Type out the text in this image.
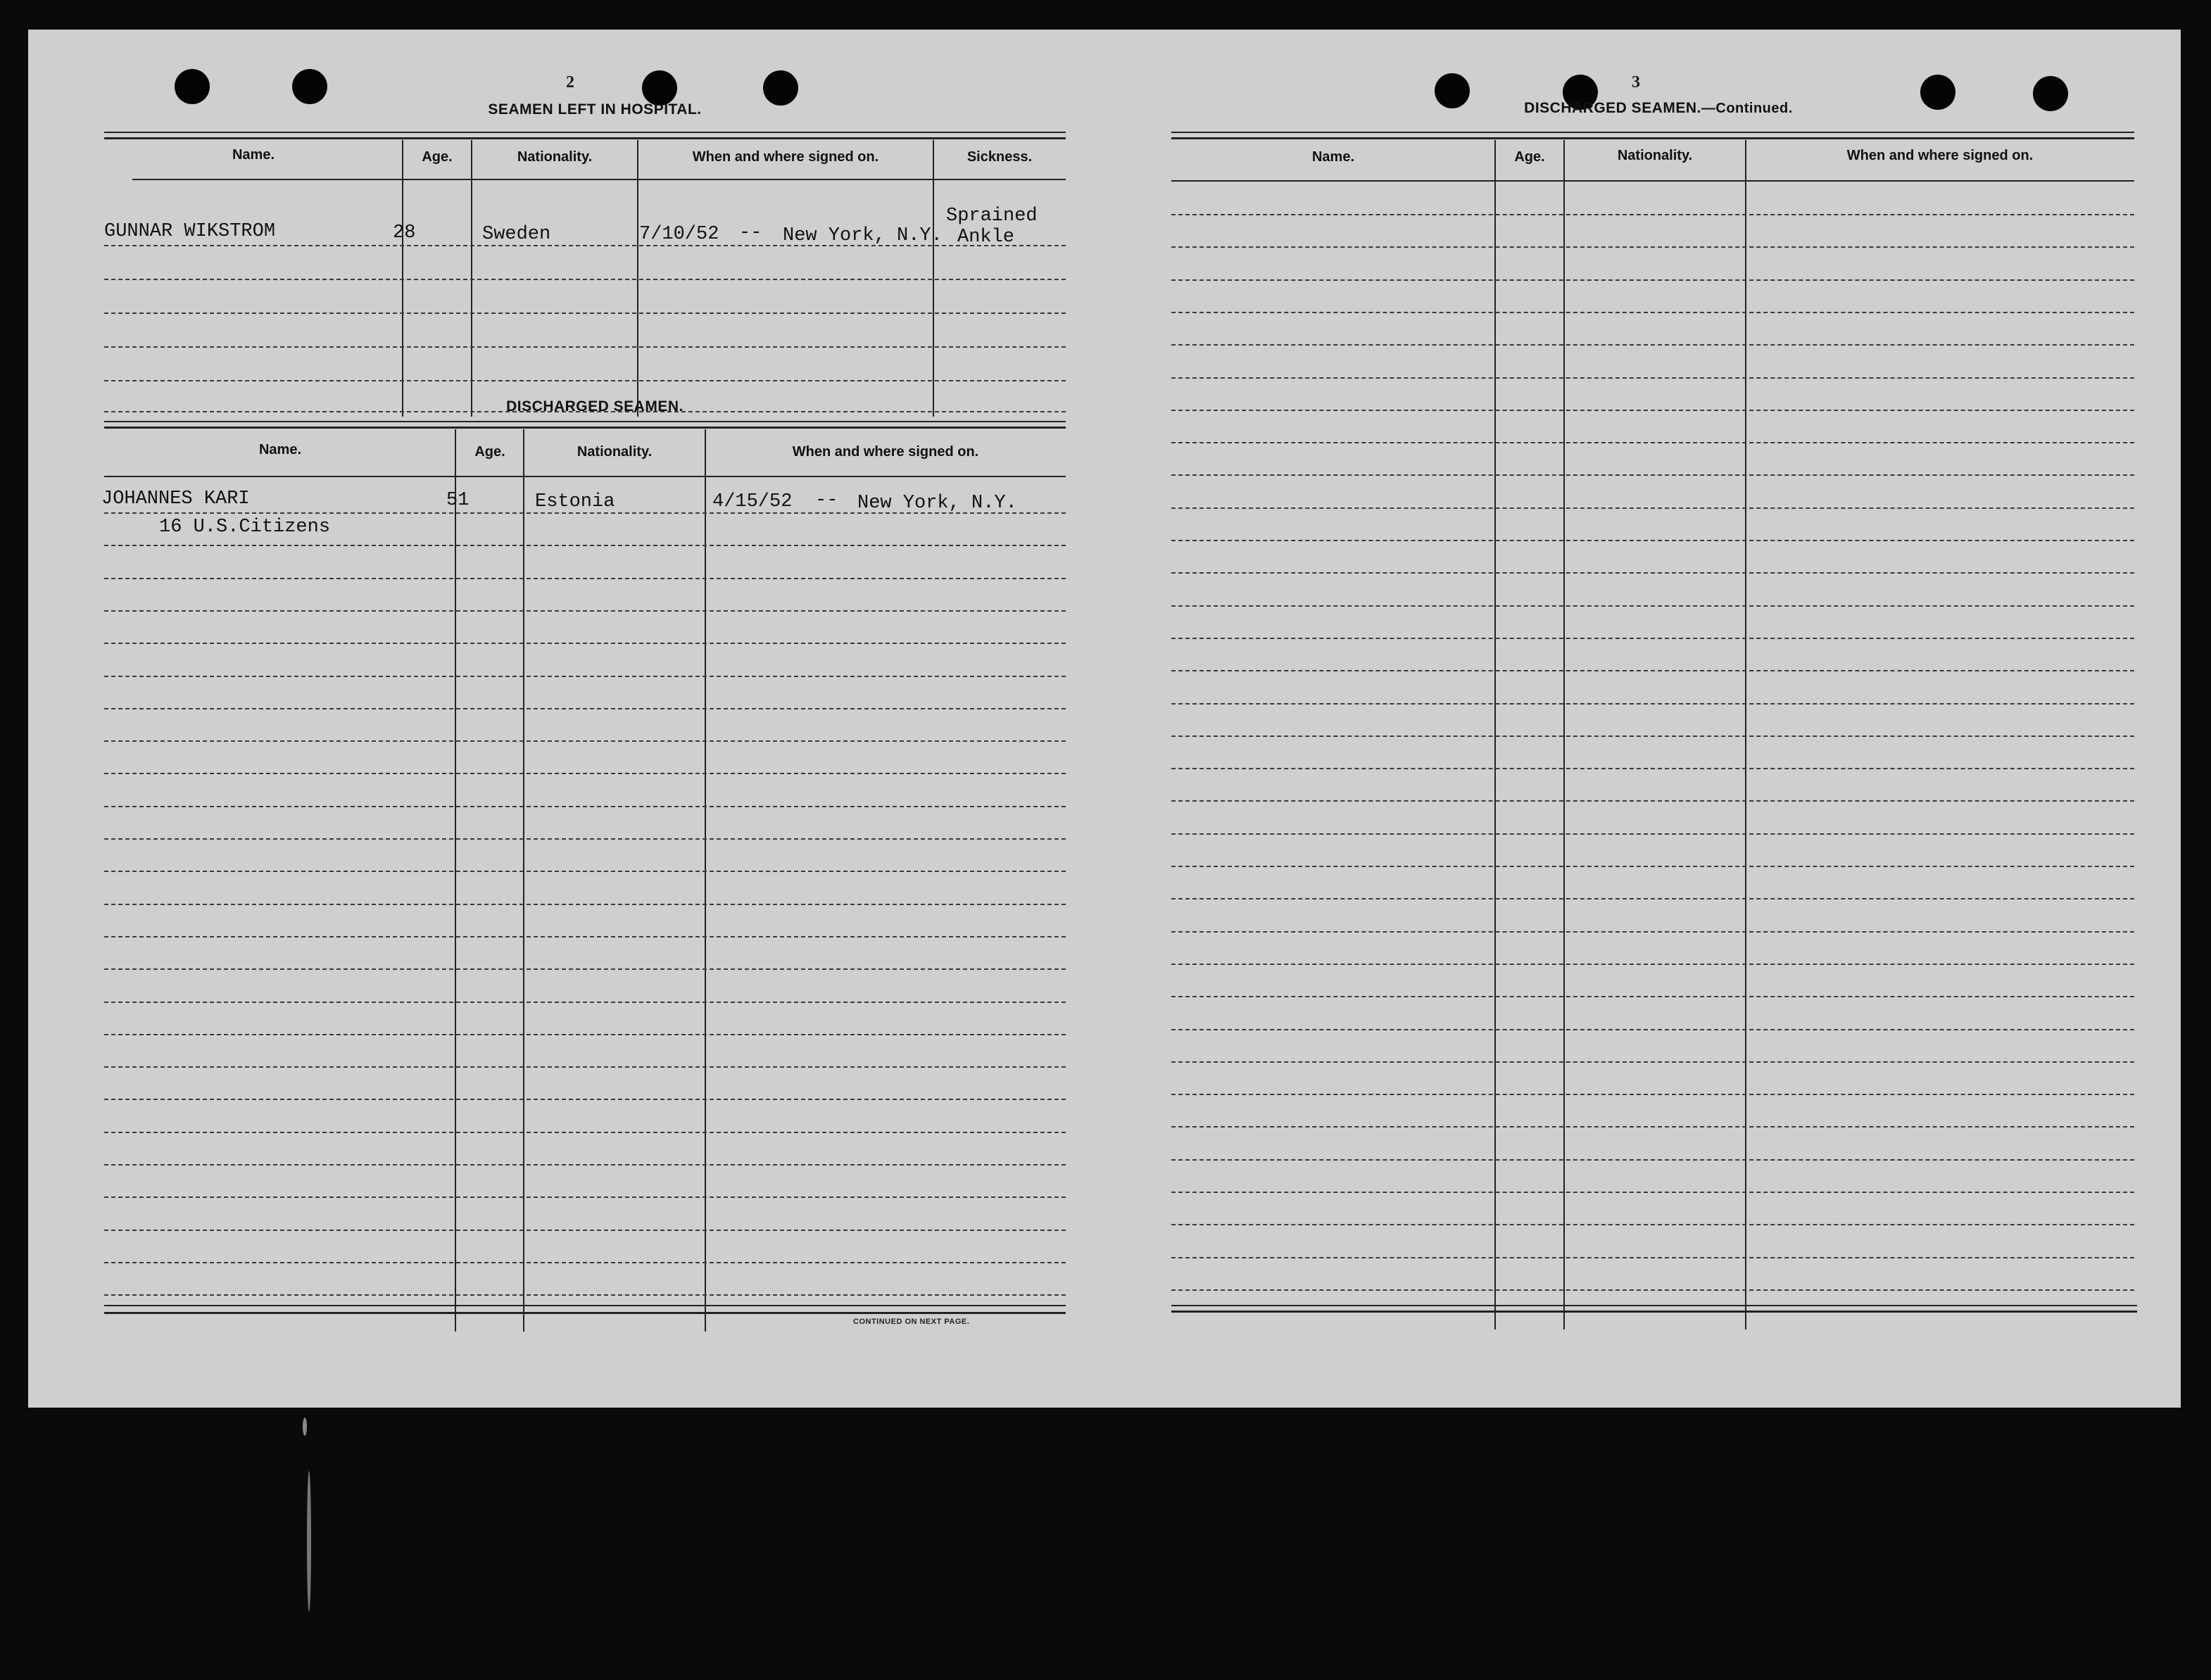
2
SEAMEN LEFT IN HOSPITAL.
Name.	Age.	Nationality.	When and where signed on.	Sickness.
GUNNAR WIKSTROM	28	Sweden	7/10/52 -- New York, N.Y.
Sprained
Ankle
DISCHARGED SEAMEN.
Name.	Age.	Nationality.	When and where signed on.
JOHANNES KARI	51	Estonia	4/15/52 -- New York, N.Y.
16 U.S.Citizens
CONTINUED ON NEXT PAGE.
3
DISCHARGED SEAMEN.—Continued.
Name.	Age.	Nationality.	When and where signed on.
